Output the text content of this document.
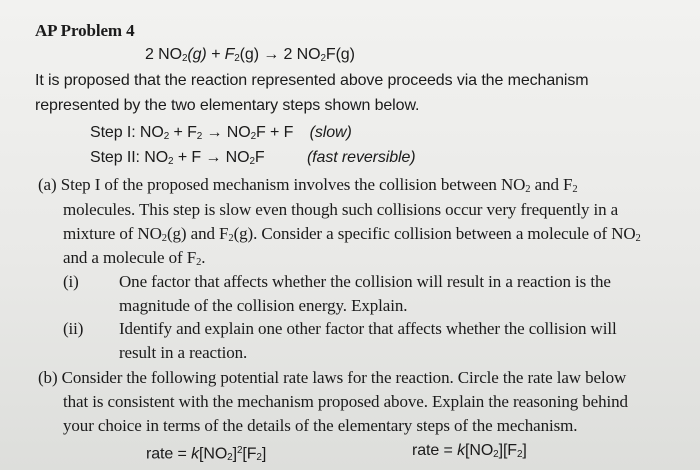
AP Problem 4
2 NO2(g) + F2(g) → 2 NO2F(g)
It is proposed that the reaction represented above proceeds via the mechanism
represented by the two elementary steps shown below.
Step I: NO2 + F2 → NO2F + F (slow)
Step II: NO2 + F → NO2F	(fast reversible)
(a) Step I of the proposed mechanism involves the collision between NO2 and F2
molecules. This step is slow even though such collisions occur very frequently in a
mixture of NO2(g) and F2(g). Consider a specific collision between a molecule of NO2
and a molecule of F2.
(i) One factor that affects whether the collision will result in a reaction is the
magnitude of the collision energy. Explain.
(ii) Identify and explain one other factor that affects whether the collision will
result in a reaction.
(b) Consider the following potential rate laws for the reaction. Circle the rate law below
that is consistent with the mechanism proposed above. Explain the reasoning behind
your choice in terms of the details of the elementary steps of the mechanism.
rate = $k[NO2]^2[F2]$	rate = k[NO2][F2]
